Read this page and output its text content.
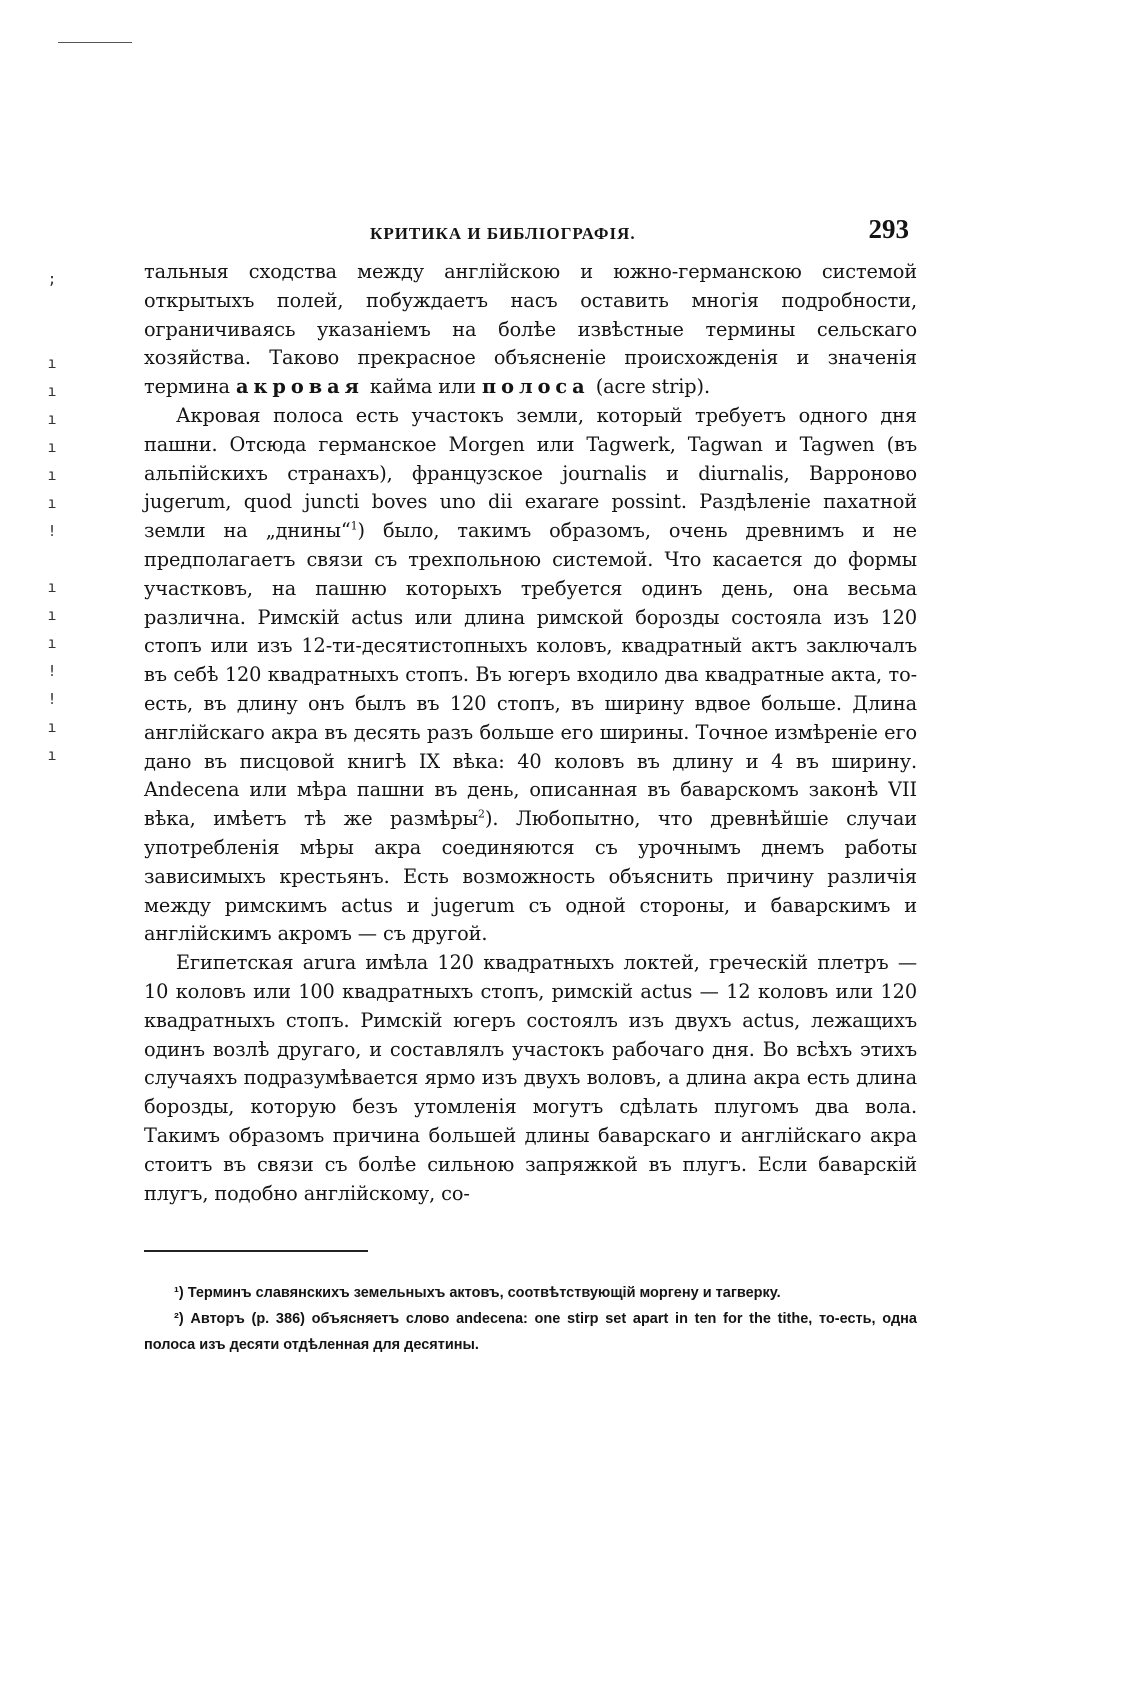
;

ı
ı
ı
ı
ı
ı
!

ı
ı
ı
!
!
ı
ı
КРИТИКА И БИБЛІОГРАФІЯ.	293

тальныя сходства между англійскою и южно-германскою системой открытыхъ полей, побуждаетъ насъ оставить многія подробности, ограничиваясь указаніемъ на болѣе извѣстные термины сельскаго хозяйства. Таково прекрасное объясненіе происхожденія и значенія термина акровая кайма или полоса (acre strip).

Акровая полоса есть участокъ земли, который требуетъ одного дня пашни. Отсюда германское Morgen или Tagwerk, Tagwan и Tagwen (въ альпійскихъ странахъ), французское journalis и diurnalis, Варроново jugerum, quod juncti boves uno dii exarare possint. Раздѣленіе пахатной земли на „днины“$^1$) было, такимъ образомъ, очень древнимъ и не предполагаетъ связи съ трехпольною системой. Что касается до формы участковъ, на пашню которыхъ требуется одинъ день, она весьма различна. Римскій actus или длина римской борозды состояла изъ 120 стопъ или изъ 12-ти-десятистопныхъ коловъ, квадратный актъ заключалъ въ себѣ 120 квадратныхъ стопъ. Въ югеръ входило два квадратные акта, то-есть, въ длину онъ былъ въ 120 стопъ, въ ширину вдвое больше. Длина англійскаго акра въ десять разъ больше его ширины. Точное измѣреніе его дано въ писцовой книгѣ IX вѣка: 40 коловъ въ длину и 4 въ ширину. Andecena или мѣра пашни въ день, описанная въ баварскомъ законѣ VII вѣка, имѣетъ тѣ же размѣры$^2$). Любопытно, что древнѣйшіе случаи употребленія мѣры акра соединяются съ урочнымъ днемъ работы зависимыхъ крестьянъ. Есть возможность объяснить причину различія между римскимъ actus и jugerum съ одной стороны, и баварскимъ и англійскимъ акромъ — съ другой.

Египетская arura имѣла 120 квадратныхъ локтей, греческій плетръ — 10 коловъ или 100 квадратныхъ стопъ, римскій actus — 12 коловъ или 120 квадратныхъ стопъ. Римскій югеръ состоялъ изъ двухъ actus, лежащихъ одинъ возлѣ другаго, и составлялъ участокъ рабочаго дня. Во всѣхъ этихъ случаяхъ подразумѣвается ярмо изъ двухъ воловъ, а длина акра есть длина борозды, которую безъ утомленія могутъ сдѣлать плугомъ два вола. Такимъ образомъ причина большей длины баварскаго и англійскаго акра стоитъ въ связи съ болѣе сильною запряжкой въ плугъ. Если баварскій плугъ, подобно англійскому, со-

¹) Терминъ славянскихъ земельныхъ актовъ, соотвѣтствующій моргену и тагверку.

²) Авторъ (p. 386) объясняетъ слово andecena: one stirp set apart in ten for the tithe, то-есть, одна полоса изъ десяти отдѣленная для десятины.
